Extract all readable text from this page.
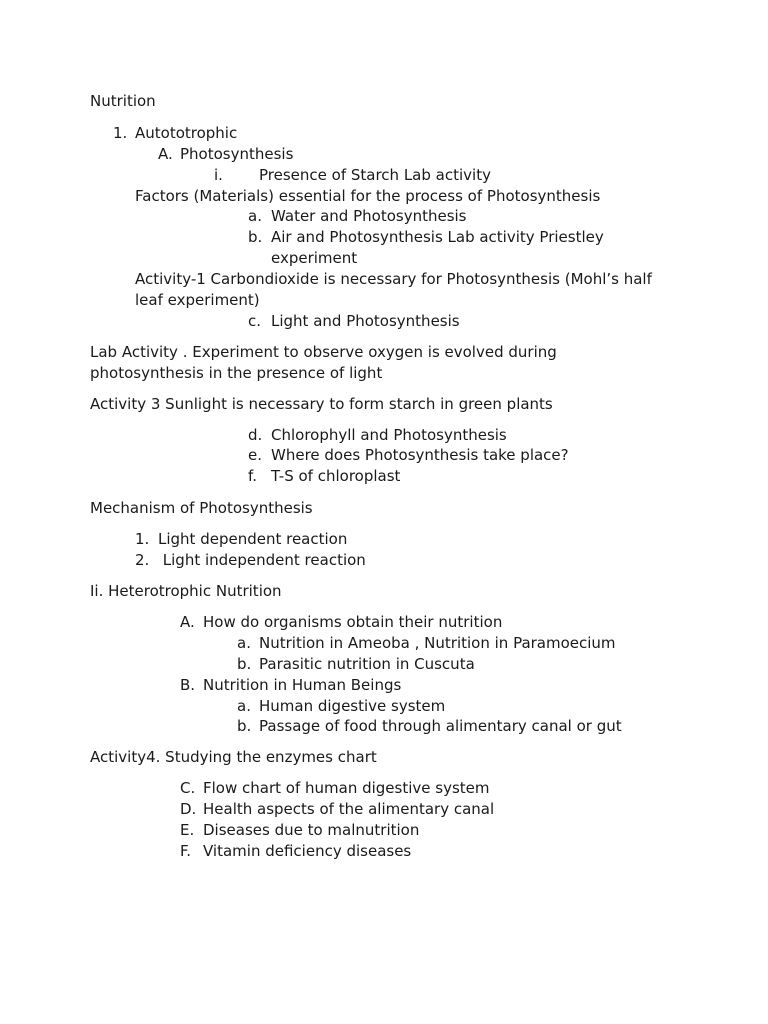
Nutrition
1. Autototrophic
A. Photosynthesis
i. Presence of Starch Lab activity
Factors (Materials) essential for the process of Photosynthesis
a. Water and Photosynthesis
b. Air and Photosynthesis Lab activity Priestley
experiment
Activity-1 Carbondioxide is necessary for Photosynthesis (Mohl’s half
leaf experiment)
c. Light and Photosynthesis
Lab Activity . Experiment to observe oxygen is evolved during
photosynthesis in the presence of light
Activity 3 Sunlight is necessary to form starch in green plants
d. Chlorophyll and Photosynthesis
e. Where does Photosynthesis take place?
f. T-S of chloroplast
Mechanism of Photosynthesis
1. Light dependent reaction
2. Light independent reaction
Ii. Heterotrophic Nutrition
A. How do organisms obtain their nutrition
a. Nutrition in Ameoba , Nutrition in Paramoecium
b. Parasitic nutrition in Cuscuta
B. Nutrition in Human Beings
a. Human digestive system
b. Passage of food through alimentary canal or gut
Activity4. Studying the enzymes chart
C. Flow chart of human digestive system
D. Health aspects of the alimentary canal
E. Diseases due to malnutrition
F. Vitamin deficiency diseases
